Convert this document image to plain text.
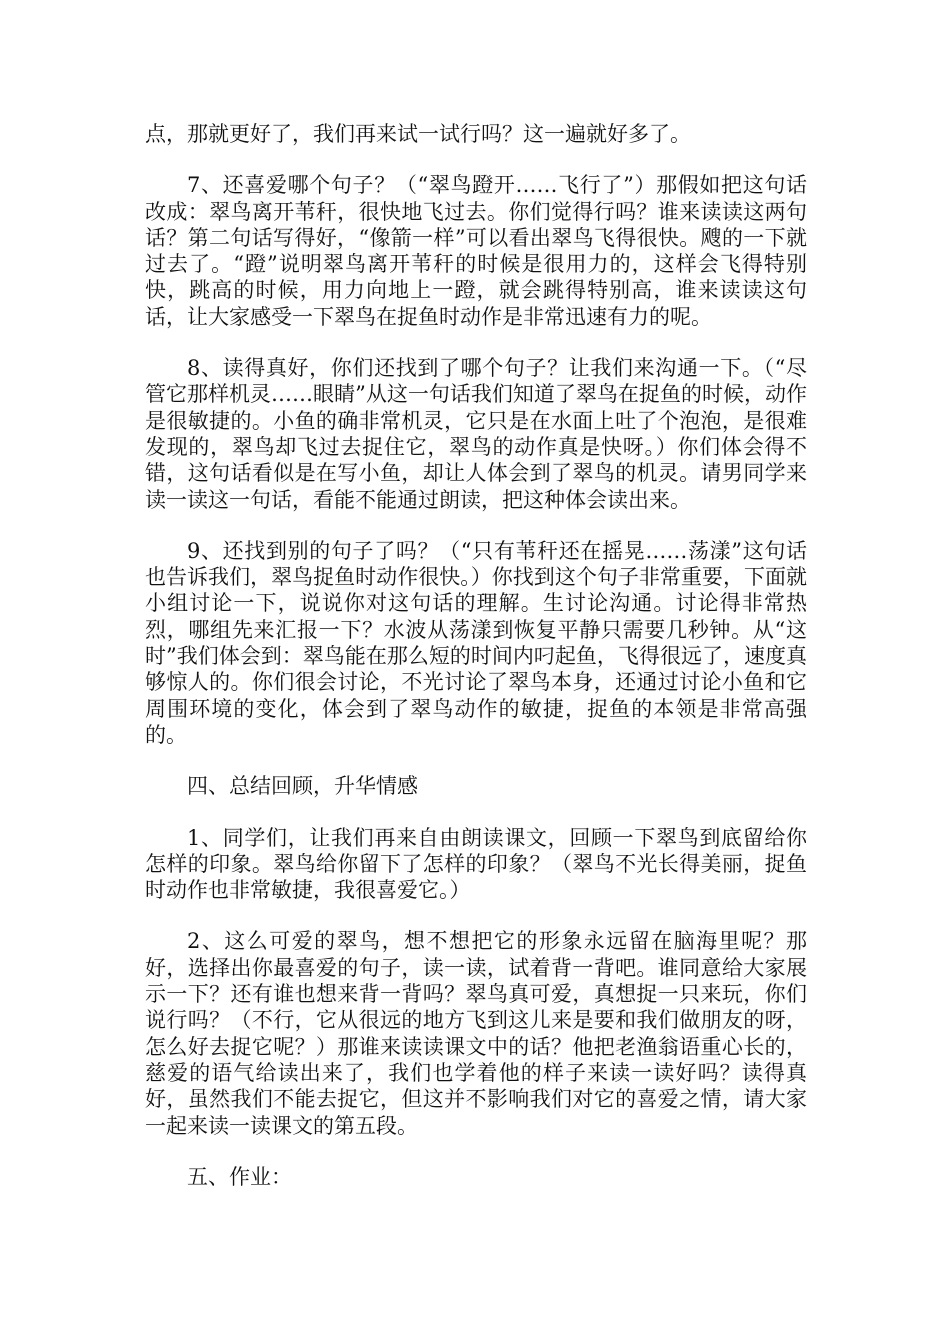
点，那就更好了，我们再来试一试行吗？这一遍就好多了。

7、还喜爱哪个句子？（“翠鸟蹬开……飞行了”）那假如把这句话改成：翠鸟离开苇秆，很快地飞过去。你们觉得行吗？谁来读读这两句话？第二句话写得好，“像箭一样”可以看出翠鸟飞得很快。飕的一下就过去了。“蹬”说明翠鸟离开苇秆的时候是很用力的，这样会飞得特别快，跳高的时候，用力向地上一蹬，就会跳得特别高，谁来读读这句话，让大家感受一下翠鸟在捉鱼时动作是非常迅速有力的呢。

8、读得真好，你们还找到了哪个句子？让我们来沟通一下。（“尽管它那样机灵……眼睛”从这一句话我们知道了翠鸟在捉鱼的时候，动作是很敏捷的。小鱼的确非常机灵，它只是在水面上吐了个泡泡，是很难发现的，翠鸟却飞过去捉住它，翠鸟的动作真是快呀。）你们体会得不错，这句话看似是在写小鱼，却让人体会到了翠鸟的机灵。请男同学来读一读这一句话，看能不能通过朗读，把这种体会读出来。

9、还找到别的句子了吗？（“只有苇秆还在摇晃……荡漾”这句话也告诉我们，翠鸟捉鱼时动作很快。）你找到这个句子非常重要，下面就小组讨论一下，说说你对这句话的理解。生讨论沟通。讨论得非常热烈，哪组先来汇报一下？水波从荡漾到恢复平静只需要几秒钟。从“这时”我们体会到：翠鸟能在那么短的时间内叼起鱼，飞得很远了，速度真够惊人的。你们很会讨论，不光讨论了翠鸟本身，还通过讨论小鱼和它周围环境的变化，体会到了翠鸟动作的敏捷，捉鱼的本领是非常高强的。

四、总结回顾，升华情感

1、同学们，让我们再来自由朗读课文，回顾一下翠鸟到底留给你怎样的印象。翠鸟给你留下了怎样的印象？（翠鸟不光长得美丽，捉鱼时动作也非常敏捷，我很喜爱它。）

2、这么可爱的翠鸟，想不想把它的形象永远留在脑海里呢？那好，选择出你最喜爱的句子，读一读，试着背一背吧。谁同意给大家展示一下？还有谁也想来背一背吗？翠鸟真可爱，真想捉一只来玩，你们说行吗？（不行，它从很远的地方飞到这儿来是要和我们做朋友的呀，怎么好去捉它呢？）那谁来读读课文中的话？他把老渔翁语重心长的，慈爱的语气给读出来了，我们也学着他的样子来读一读好吗？读得真好，虽然我们不能去捉它，但这并不影响我们对它的喜爱之情，请大家一起来读一读课文的第五段。

五、作业：
